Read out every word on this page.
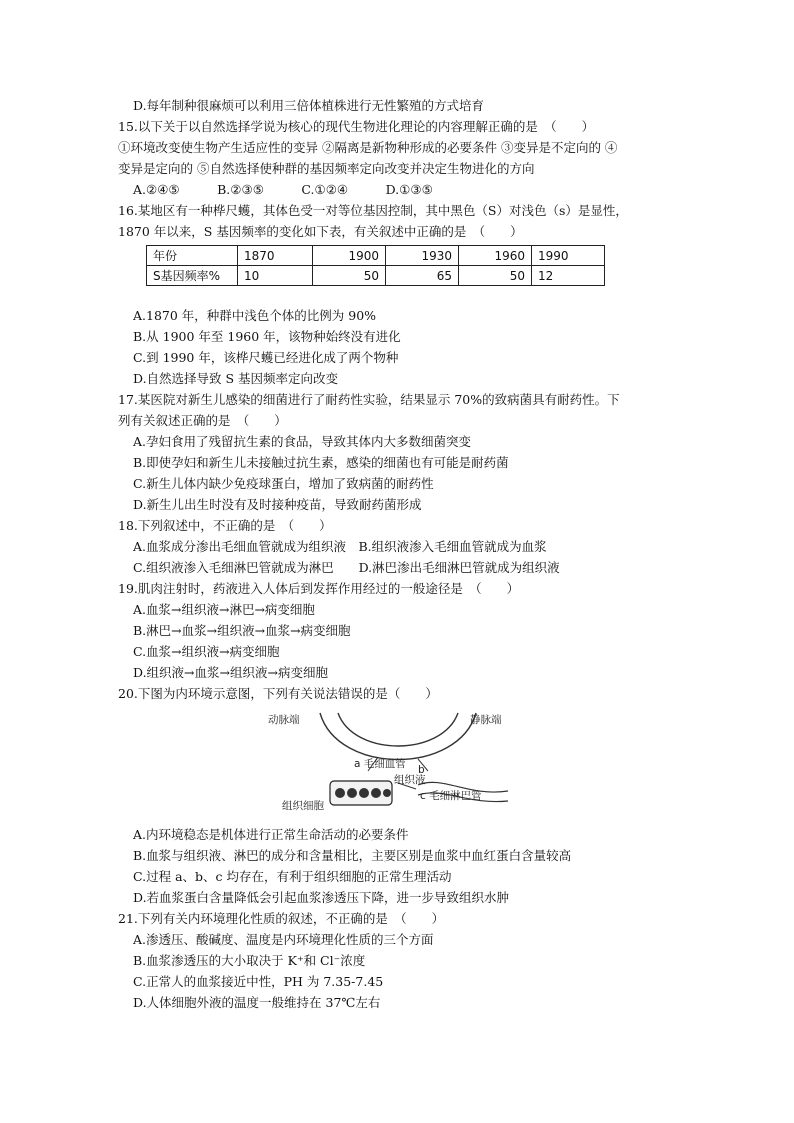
D.每年制种很麻烦可以利用三倍体植株进行无性繁殖的方式培育
15.以下关于以自然选择学说为核心的现代生物进化理论的内容理解正确的是　（　　）
①环境改变使生物产生适应性的变异 ②隔离是新物种形成的必要条件 ③变异是不定向的 ④
变异是定向的 ⑤自然选择使种群的基因频率定向改变并决定生物进化的方向
A.②④⑤　　　B.②③⑤　　　C.①②④　　　D.①③⑤
16.某地区有一种桦尺蠖，其体色受一对等位基因控制，其中黑色（S）对浅色（s）是显性，
1870 年以来，S 基因频率的变化如下表，有关叙述中正确的是　（　　）
年份	1870	1900	1930	1960	1990
S基因频率%	10	50	65	50	12
A.1870 年，种群中浅色个体的比例为 90%
B.从 1900 年至 1960 年，该物种始终没有进化
C.到 1990 年，该桦尺蠖已经进化成了两个物种
D.自然选择导致 S 基因频率定向改变
17.某医院对新生儿感染的细菌进行了耐药性实验，结果显示 70%的致病菌具有耐药性。下
列有关叙述正确的是　（　　）
A.孕妇食用了残留抗生素的食品，导致其体内大多数细菌突变
B.即使孕妇和新生儿未接触过抗生素，感染的细菌也有可能是耐药菌
C.新生儿体内缺少免疫球蛋白，增加了致病菌的耐药性
D.新生儿出生时没有及时接种疫苗，导致耐药菌形成
18.下列叙述中，不正确的是　（　　）
A.血浆成分渗出毛细血管就成为组织液　B.组织液渗入毛细血管就成为血浆
C.组织液渗入毛细淋巴管就成为淋巴　　D.淋巴渗出毛细淋巴管就成为组织液
19.肌肉注射时，药液进入人体后到发挥作用经过的一般途径是　（　　）
A.血浆→组织液→淋巴→病变细胞
B.淋巴→血浆→组织液→血浆→病变细胞
C.血浆→组织液→病变细胞
D.组织液→血浆→组织液→病变细胞
20.下图为内环境示意图，下列有关说法错误的是（　　）
动脉端	静脉端
a 毛细血管 b
组织液
c 毛细淋巴管
组织细胞
A.内环境稳态是机体进行正常生命活动的必要条件
B.血浆与组织液、淋巴的成分和含量相比，主要区别是血浆中血红蛋白含量较高
C.过程 a、b、c 均存在，有利于组织细胞的正常生理活动
D.若血浆蛋白含量降低会引起血浆渗透压下降，进一步导致组织水肿
21.下列有关内环境理化性质的叙述，不正确的是　（　　）
A.渗透压、酸碱度、温度是内环境理化性质的三个方面
B.血浆渗透压的大小取决于 K⁺和 Cl⁻浓度
C.正常人的血浆接近中性，PH 为 7.35-7.45
D.人体细胞外液的温度一般维持在 37℃左右
